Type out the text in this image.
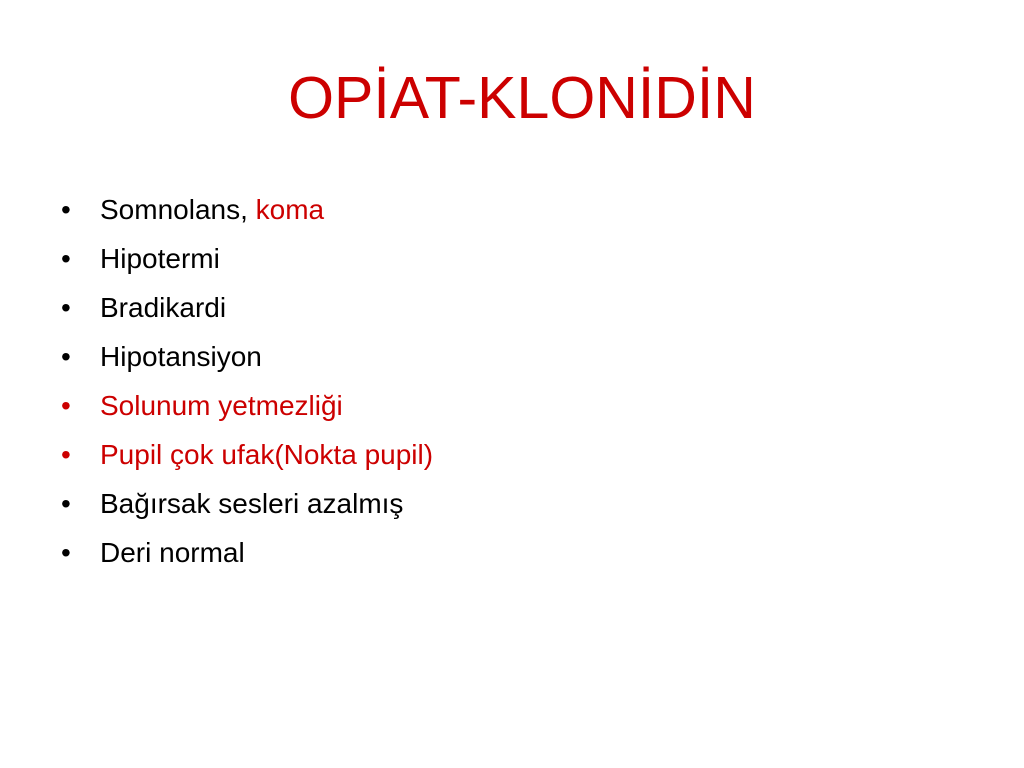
OPİAT-KLONİDİN
•	Somnolans, koma
•	Hipotermi
•	Bradikardi
•	Hipotansiyon
•	Solunum yetmezliği
•	Pupil çok ufak(Nokta pupil)
•	Bağırsak sesleri azalmış
•	Deri normal
